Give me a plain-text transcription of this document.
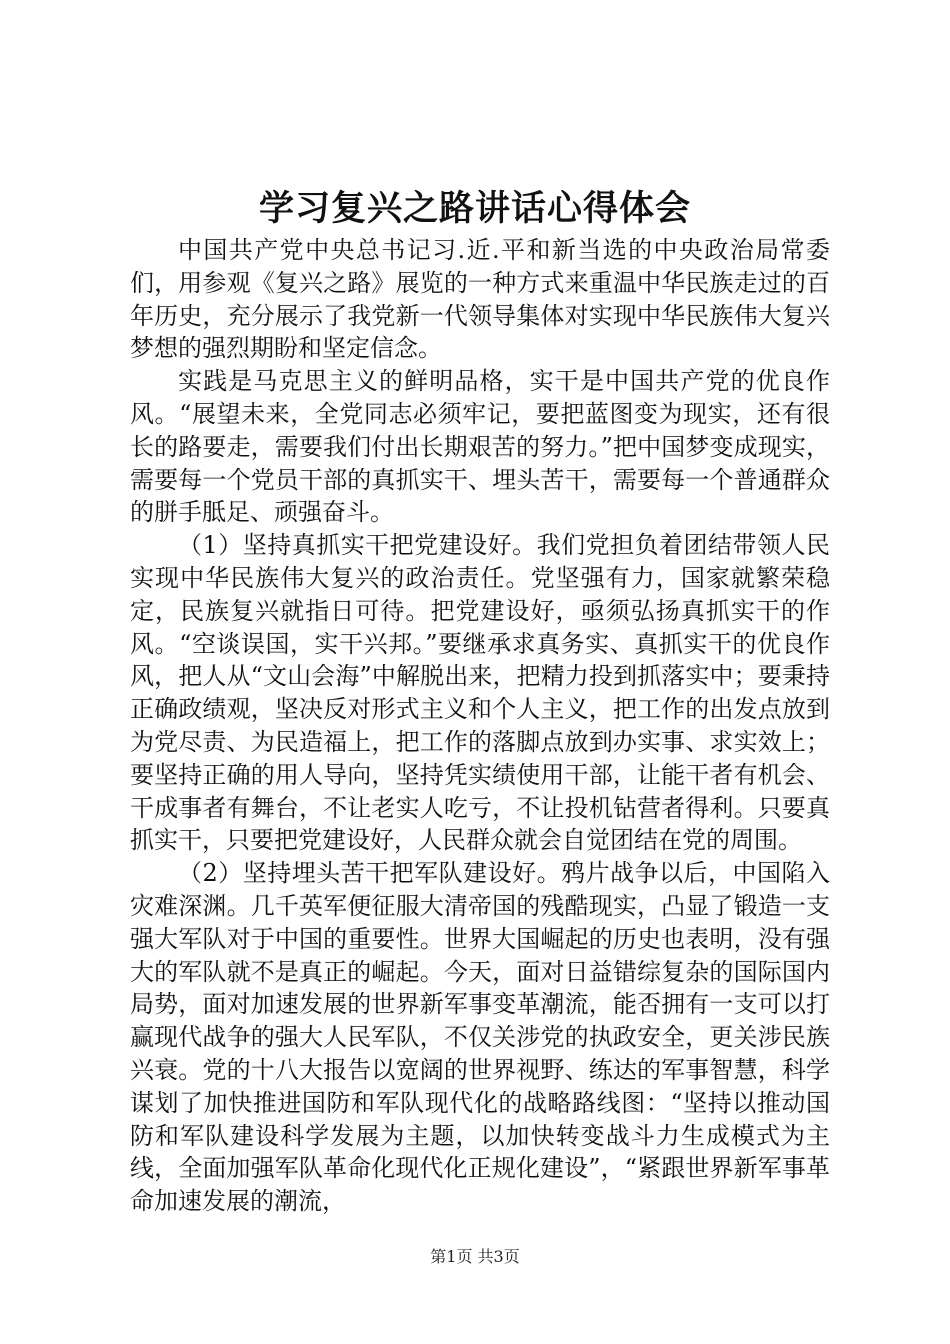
学习复兴之路讲话心得体会

中国共产党中央总书记习.近.平和新当选的中央政治局常委们，用参观《复兴之路》展览的一种方式来重温中华民族走过的百年历史，充分展示了我党新一代领导集体对实现中华民族伟大复兴梦想的强烈期盼和坚定信念。

实践是马克思主义的鲜明品格，实干是中国共产党的优良作风。“展望未来，全党同志必须牢记，要把蓝图变为现实，还有很长的路要走，需要我们付出长期艰苦的努力。”把中国梦变成现实，需要每一个党员干部的真抓实干、埋头苦干，需要每一个普通群众的胼手胝足、顽强奋斗。

（1）坚持真抓实干把党建设好。我们党担负着团结带领人民实现中华民族伟大复兴的政治责任。党坚强有力，国家就繁荣稳定，民族复兴就指日可待。把党建设好，亟须弘扬真抓实干的作风。“空谈误国，实干兴邦。”要继承求真务实、真抓实干的优良作风，把人从“文山会海”中解脱出来，把精力投到抓落实中；要秉持正确政绩观，坚决反对形式主义和个人主义，把工作的出发点放到为党尽责、为民造福上，把工作的落脚点放到办实事、求实效上；要坚持正确的用人导向，坚持凭实绩使用干部，让能干者有机会、干成事者有舞台，不让老实人吃亏，不让投机钻营者得利。只要真抓实干，只要把党建设好，人民群众就会自觉团结在党的周围。

（2）坚持埋头苦干把军队建设好。鸦片战争以后，中国陷入灾难深渊。几千英军便征服大清帝国的残酷现实，凸显了锻造一支强大军队对于中国的重要性。世界大国崛起的历史也表明，没有强大的军队就不是真正的崛起。今天，面对日益错综复杂的国际国内局势，面对加速发展的世界新军事变革潮流，能否拥有一支可以打赢现代战争的强大人民军队，不仅关涉党的执政安全，更关涉民族兴衰。党的十八大报告以宽阔的世界视野、练达的军事智慧，科学谋划了加快推进国防和军队现代化的战略路线图：“坚持以推动国防和军队建设科学发展为主题，以加快转变战斗力生成模式为主线，全面加强军队革命化现代化正规化建设”，“紧跟世界新军事革命加速发展的潮流，

第1页 共3页
